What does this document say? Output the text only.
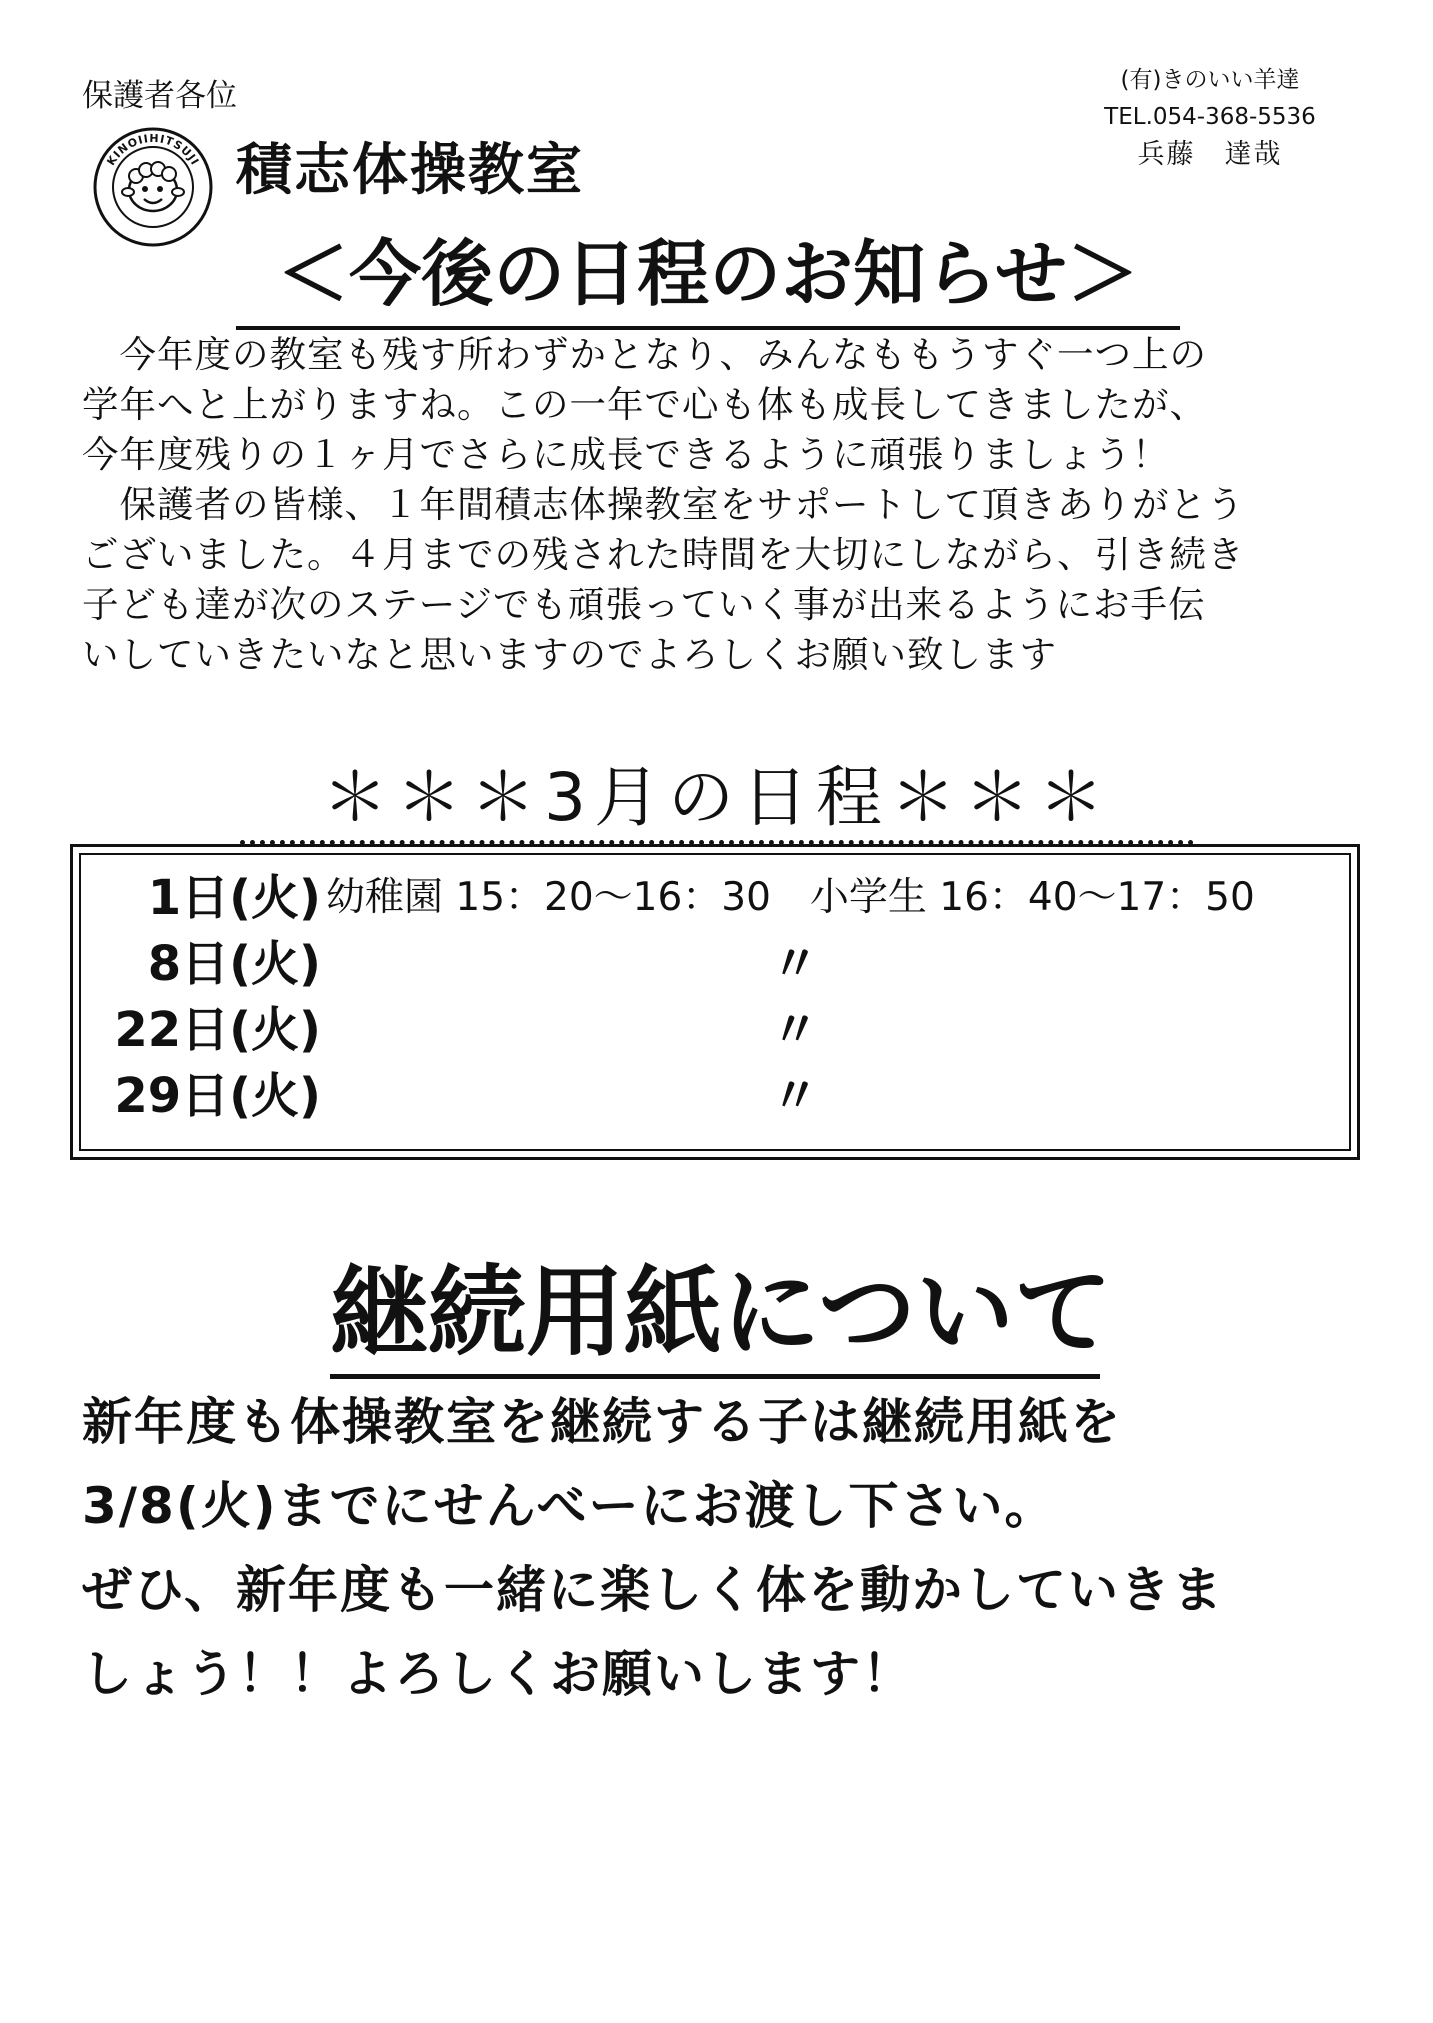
保護者各位	(有)きのいい羊達
TEL.054-368-5536
兵藤　達哉
KINOIIHITSUJI 積志体操教室
＜今後の日程のお知らせ＞

　今年度の教室も残す所わずかとなり、みんなももうすぐ一つ上の

学年へと上がりますね。この一年で心も体も成長してきましたが、

今年度残りの１ヶ月でさらに成長できるように頑張りましょう！

　保護者の皆様、１年間積志体操教室をサポートして頂きありがとう

ございました。４月までの残された時間を大切にしながら、引き続き

子ども達が次のステージでも頑張っていく事が出来るようにお手伝

いしていきたいなと思いますのでよろしくお願い致します

＊＊＊3月の日程＊＊＊
1日(火) 幼稚園 15：20～16：30　小学生 16：40～17：50
8日(火)	〃
22日(火)	〃
29日(火)	〃
継続用紙について

新年度も体操教室を継続する子は継続用紙を

3/8(火)までにせんべーにお渡し下さい。

ぜひ、新年度も一緒に楽しく体を動かしていきま

しょう！！よろしくお願いします！
